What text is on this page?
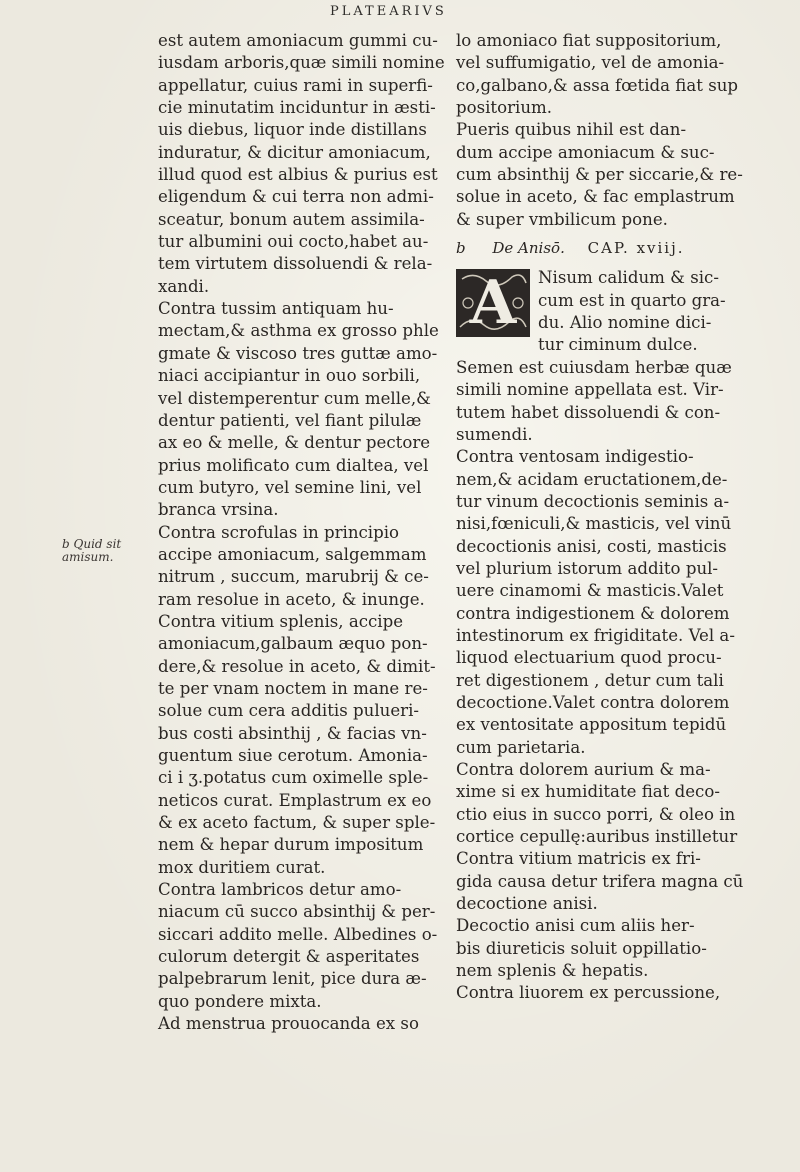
PLATEARIVS
b Quid sit amisum.
est autem amoniacum gummi cu-
iusdam arboris,quæ simili nomine
appellatur, cuius rami in superfi-
cie minutatim inciduntur in æsti-
uis diebus, liquor inde distillans
induratur, & dicitur amoniacum,
illud quod est albius & purius est
eligendum & cui terra non admi-
sceatur, bonum autem assimila-
tur albumini oui cocto,habet au-
tem virtutem dissoluendi & rela-
xandi.
Contra tussim antiquam hu-
mectam,& asthma ex grosso phle
gmate & viscoso tres guttæ amo-
niaci accipiantur in ouo sorbili,
vel distemperentur cum melle,&
dentur patienti, vel fiant pilulæ
ax eo & melle, & dentur pectore
prius molificato cum dialtea, vel
cum butyro, vel semine lini, vel
branca vrsina.
Contra scrofulas in principio
accipe amoniacum, salgemmam
nitrum , succum, marubrij & ce-
ram resolue in aceto, & inunge.
Contra vitium splenis, accipe
amoniacum,galbaum æquo pon-
dere,& resolue in aceto, & dimit-
te per vnam noctem in mane re-
solue cum cera additis pulueri-
bus costi absinthij , & facias vn-
guentum siue cerotum. Amonia-
ci i ʒ.potatus cum oximelle sple-
neticos curat. Emplastrum ex eo
& ex aceto factum, & super sple-
nem & hepar durum impositum
mox duritiem curat.
Contra lambricos detur amo-
niacum cū succo absinthij & per-
siccari addito melle. Albedines o-
culorum detergit & asperitates
palpebrarum lenit, pice dura æ-
quo pondere mixta.
Ad menstrua prouocanda ex so
lo amoniaco fiat suppositorium,
vel suffumigatio, vel de amonia-
co,galbano,& assa fœtida fiat sup
positorium.
Pueris quibus nihil est dan-
dum accipe amoniacum & suc-
cum absinthij & per siccarie,& re-
solue in aceto, & fac emplastrum
& super vmbilicum pone.
b De Anisō. CAP. xviij.
A	Nisum calidum & sic-
cum est in quarto gra-
du. Alio nomine dici-
tur ciminum dulce.
Semen est cuiusdam herbæ quæ
simili nomine appellata est. Vir-
tutem habet dissoluendi & con-
sumendi.
Contra ventosam indigestio-
nem,& acidam eructationem,de-
tur vinum decoctionis seminis a-
nisi,fœniculi,& masticis, vel vinū
decoctionis anisi, costi, masticis
vel plurium istorum addito pul-
uere cinamomi & masticis.Valet
contra indigestionem & dolorem
intestinorum ex frigiditate. Vel a-
liquod electuarium quod procu-
ret digestionem , detur cum tali
decoctione.Valet contra dolorem
ex ventositate appositum tepidū
cum parietaria.
Contra dolorem aurium & ma-
xime si ex humiditate fiat deco-
ctio eius in succo porri, & oleo in
cortice cepullę:auribus instilletur
Contra vitium matricis ex fri-
gida causa detur trifera magna cū
decoctione anisi.
Decoctio anisi cum aliis her-
bis diureticis soluit oppillatio-
nem splenis & hepatis.
Contra liuorem ex percussione,
